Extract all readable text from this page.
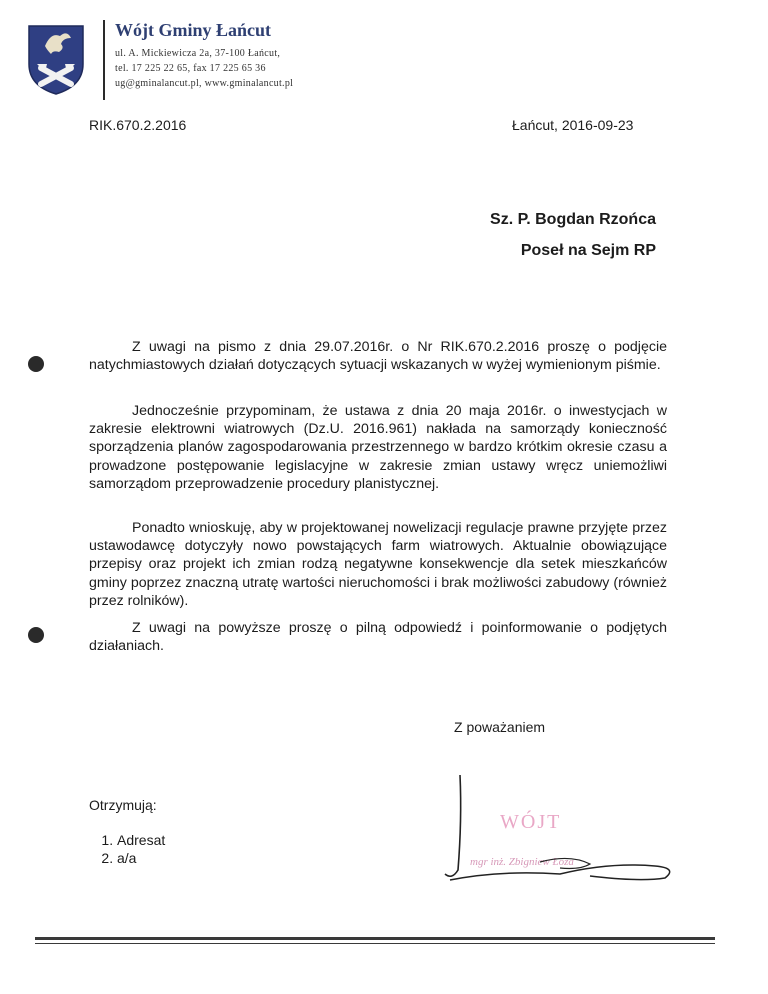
Wójt Gminy Łańcut
ul. A. Mickiewicza 2a, 37-100 Łańcut,
tel. 17 225 22 65, fax 17 225 65 36
ug@gminalancut.pl, www.gminalancut.pl
RIK.670.2.2016	Łańcut, 2016-09-23
Sz. P. Bogdan Rzońca
Poseł na Sejm RP

Z uwagi na pismo z dnia 29.07.2016r. o Nr RIK.670.2.2016 proszę o podjęcie natychmiastowych działań dotyczących sytuacji wskazanych w wyżej wymienionym piśmie.

Jednocześnie przypominam, że ustawa z dnia 20 maja 2016r. o inwestycjach w zakresie elektrowni wiatrowych (Dz.U. 2016.961) nakłada na samorządy konieczność sporządzenia planów zagospodarowania przestrzennego w bardzo krótkim okresie czasu a prowadzone postępowanie legislacyjne w zakresie zmian ustawy wręcz uniemożliwi samorządom przeprowadzenie procedury planistycznej.

Ponadto wnioskuję, aby w projektowanej nowelizacji regulacje prawne przyjęte przez ustawodawcę dotyczyły nowo powstających farm wiatrowych. Aktualnie obowiązujące przepisy oraz projekt ich zmian rodzą negatywne konsekwencje dla setek mieszkańców gminy poprzez znaczną utratę wartości nieruchomości i brak możliwości zabudowy (również przez rolników).

Z uwagi na powyższe proszę o pilną odpowiedź i poinformowanie o podjętych działaniach.

Z poważaniem
Otrzymują:
1. Adresat
2. a/a
WÓJT
mgr inż. Zbigniew Łoza
